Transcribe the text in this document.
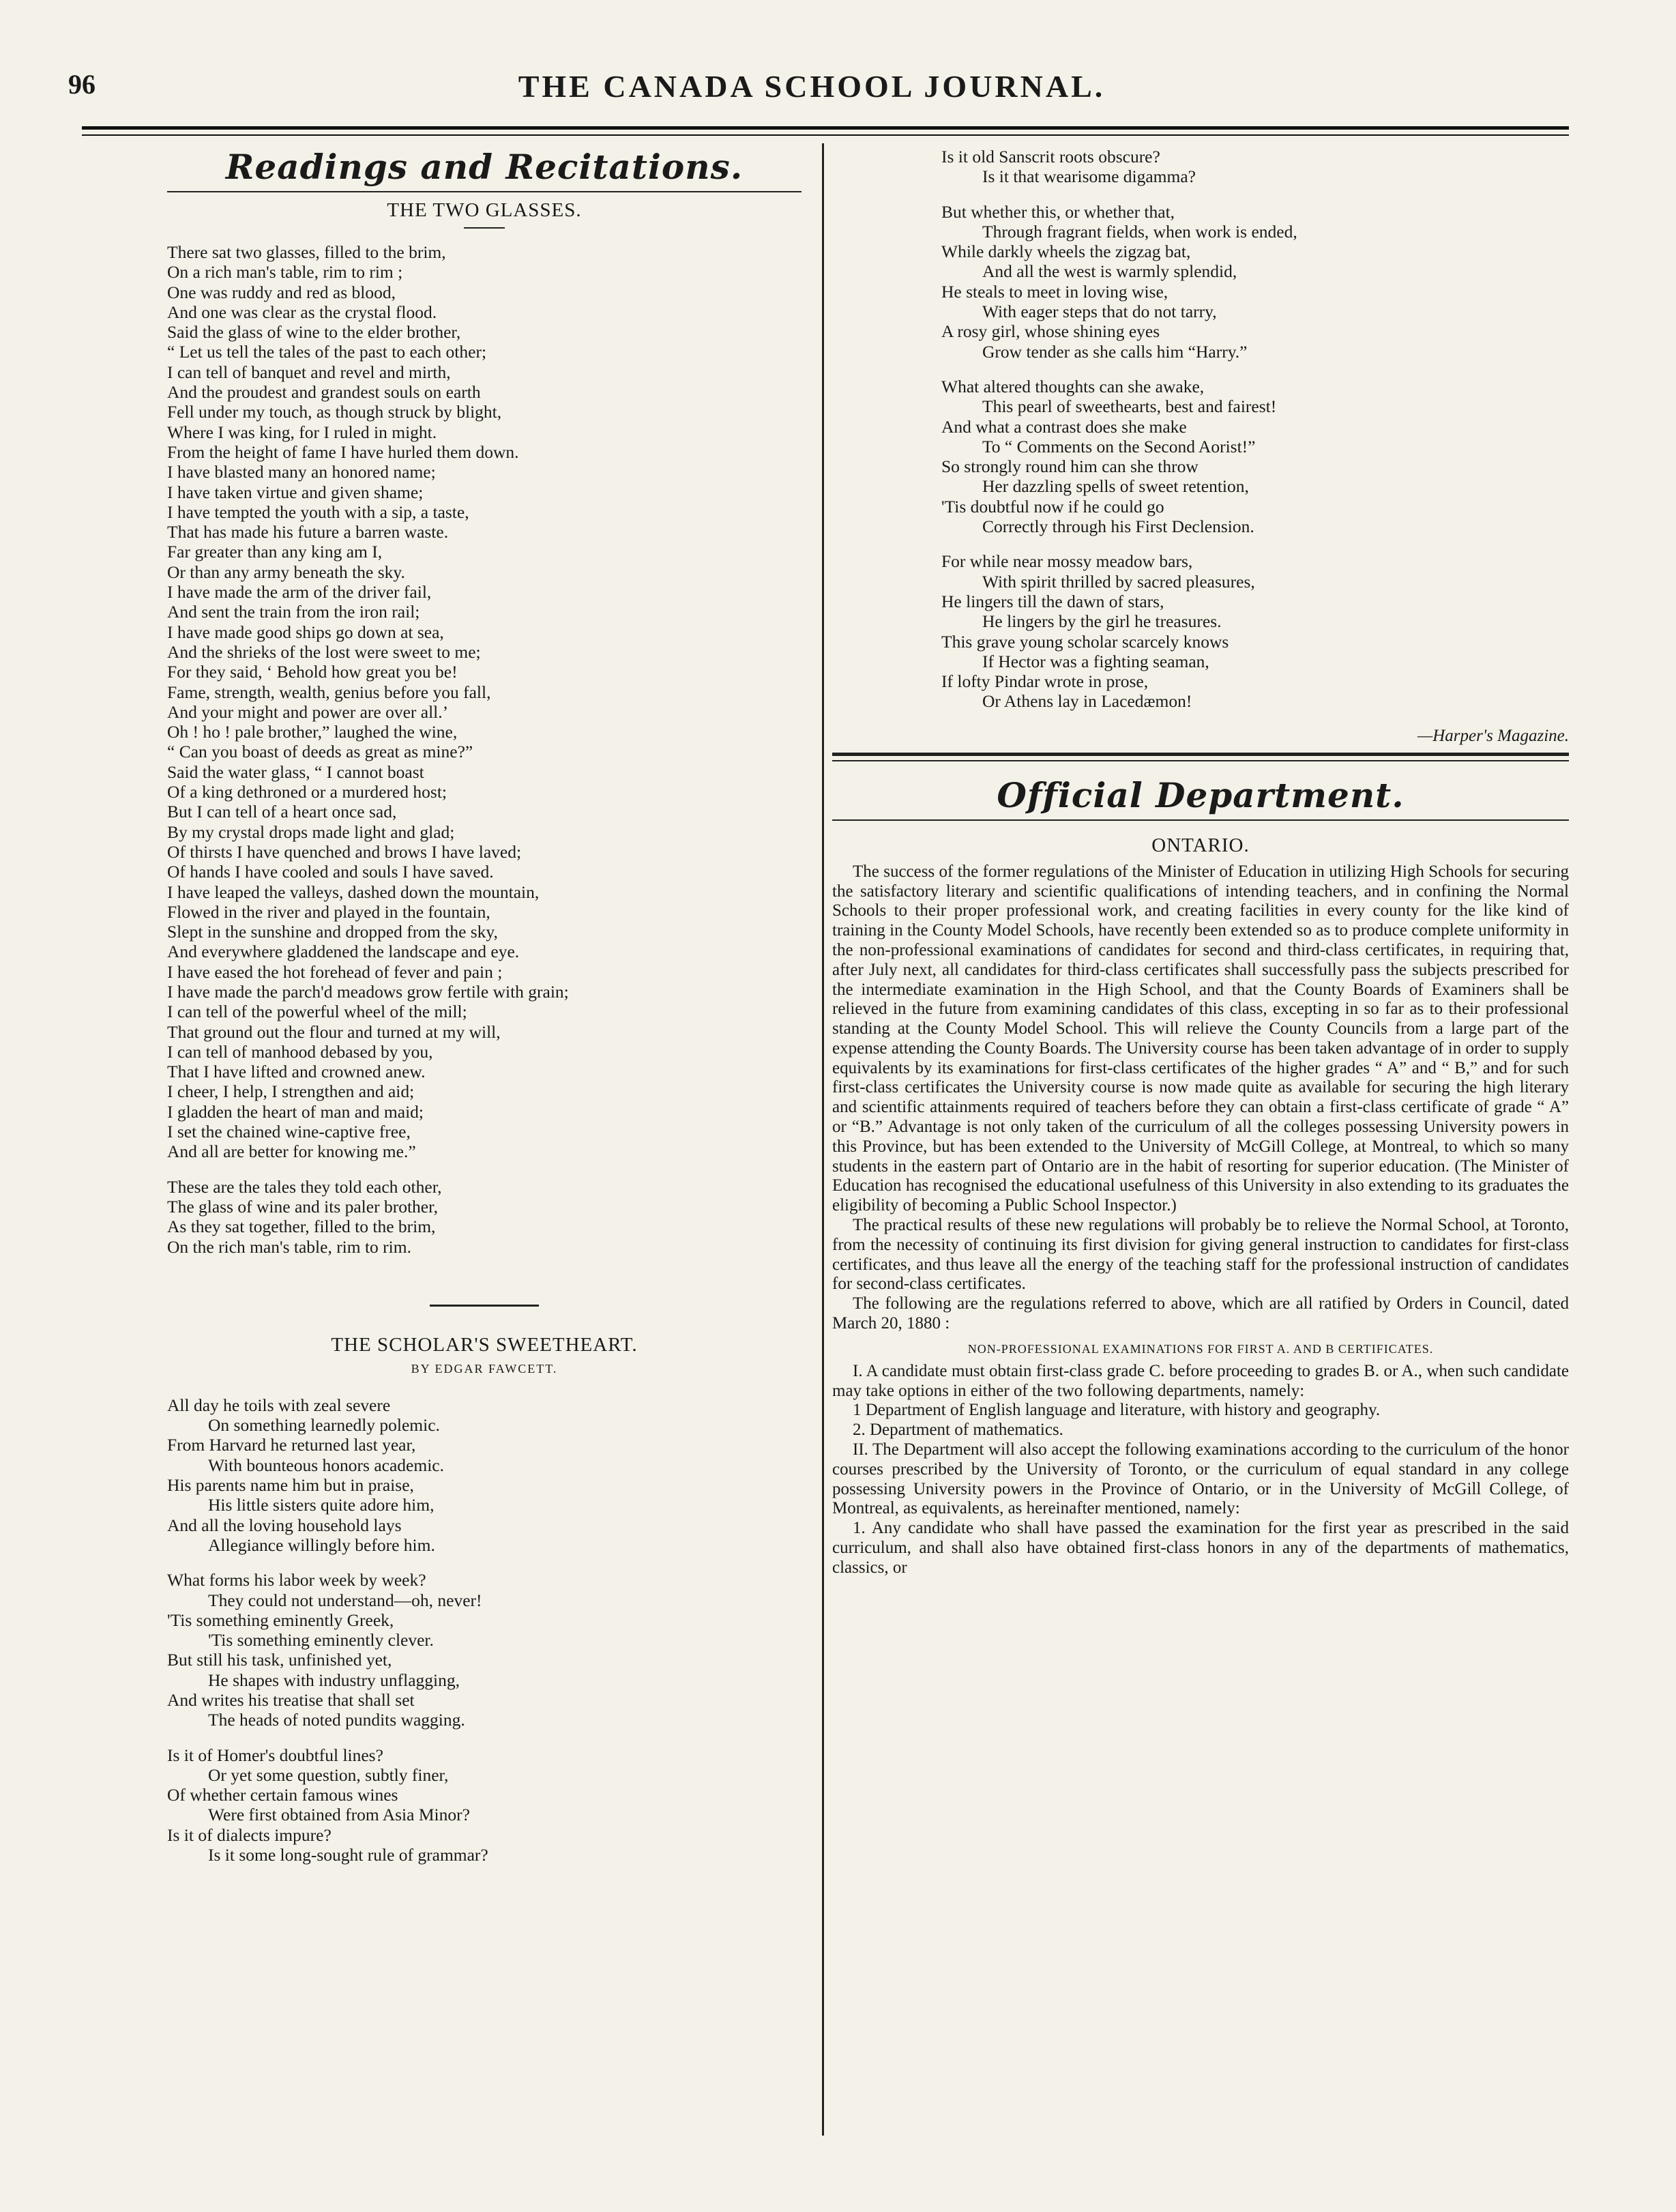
96	THE CANADA SCHOOL JOURNAL.
Readings and Recitations.
THE TWO GLASSES.
There sat two glasses, filled to the brim,
On a rich man's table, rim to rim ;
One was ruddy and red as blood,
And one was clear as the crystal flood.
Said the glass of wine to the elder brother,
“ Let us tell the tales of the past to each other;
I can tell of banquet and revel and mirth,
And the proudest and grandest souls on earth
Fell under my touch, as though struck by blight,
Where I was king, for I ruled in might.
From the height of fame I have hurled them down.
I have blasted many an honored name;
I have taken virtue and given shame;
I have tempted the youth with a sip, a taste,
That has made his future a barren waste.
Far greater than any king am I,
Or than any army beneath the sky.
I have made the arm of the driver fail,
And sent the train from the iron rail;
I have made good ships go down at sea,
And the shrieks of the lost were sweet to me;
For they said, ‘ Behold how great you be!
Fame, strength, wealth, genius before you fall,
And your might and power are over all.’
Oh ! ho ! pale brother,” laughed the wine,
“ Can you boast of deeds as great as mine?”
Said the water glass, “ I cannot boast
Of a king dethroned or a murdered host;
But I can tell of a heart once sad,
By my crystal drops made light and glad;
Of thirsts I have quenched and brows I have laved;
Of hands I have cooled and souls I have saved.
I have leaped the valleys, dashed down the mountain,
Flowed in the river and played in the fountain,
Slept in the sunshine and dropped from the sky,
And everywhere gladdened the landscape and eye.
I have eased the hot forehead of fever and pain ;
I have made the parch'd meadows grow fertile with grain;
I can tell of the powerful wheel of the mill;
That ground out the flour and turned at my will,
I can tell of manhood debased by you,
That I have lifted and crowned anew.
I cheer, I help, I strengthen and aid;
I gladden the heart of man and maid;
I set the chained wine-captive free,
And all are better for knowing me.”
These are the tales they told each other,
The glass of wine and its paler brother,
As they sat together, filled to the brim,
On the rich man's table, rim to rim.
THE SCHOLAR'S SWEETHEART.
BY EDGAR FAWCETT.
All day he toils with zeal severe
On something learnedly polemic.
From Harvard he returned last year,
With bounteous honors academic.
His parents name him but in praise,
His little sisters quite adore him,
And all the loving household lays
Allegiance willingly before him.
What forms his labor week by week?
They could not understand—oh, never!
'Tis something eminently Greek,
'Tis something eminently clever.
But still his task, unfinished yet,
He shapes with industry unflagging,
And writes his treatise that shall set
The heads of noted pundits wagging.
Is it of Homer's doubtful lines?
Or yet some question, subtly finer,
Of whether certain famous wines
Were first obtained from Asia Minor?
Is it of dialects impure?
Is it some long-sought rule of grammar?
Is it old Sanscrit roots obscure?
Is it that wearisome digamma?
But whether this, or whether that,
Through fragrant fields, when work is ended,
While darkly wheels the zigzag bat,
And all the west is warmly splendid,
He steals to meet in loving wise,
With eager steps that do not tarry,
A rosy girl, whose shining eyes
Grow tender as she calls him “Harry.”
What altered thoughts can she awake,
This pearl of sweethearts, best and fairest!
And what a contrast does she make
To “ Comments on the Second Aorist!”
So strongly round him can she throw
Her dazzling spells of sweet retention,
'Tis doubtful now if he could go
Correctly through his First Declension.
For while near mossy meadow bars,
With spirit thrilled by sacred pleasures,
He lingers till the dawn of stars,
He lingers by the girl he treasures.
This grave young scholar scarcely knows
If Hector was a fighting seaman,
If lofty Pindar wrote in prose,
Or Athens lay in Lacedæmon!
—Harper's Magazine.
Official Department.
ONTARIO.

The success of the former regulations of the Minister of Education in utilizing High Schools for securing the satisfactory literary and scientific qualifications of intending teachers, and in confining the Normal Schools to their proper professional work, and creating facilities in every county for the like kind of training in the County Model Schools, have recently been extended so as to produce complete uniformity in the non-professional examinations of candidates for second and third-class certificates, in requiring that, after July next, all candidates for third-class certificates shall successfully pass the subjects prescribed for the intermediate examination in the High School, and that the County Boards of Examiners shall be relieved in the future from examining candidates of this class, excepting in so far as to their professional standing at the County Model School. This will relieve the County Councils from a large part of the expense attending the County Boards. The University course has been taken advantage of in order to supply equivalents by its examinations for first-class certificates of the higher grades “ A” and “ B,” and for such first-class certificates the University course is now made quite as available for securing the high literary and scientific attainments required of teachers before they can obtain a first-class certificate of grade “ A” or “B.” Advantage is not only taken of the curriculum of all the colleges possessing University powers in this Province, but has been extended to the University of McGill College, at Montreal, to which so many students in the eastern part of Ontario are in the habit of resorting for superior education. (The Minister of Education has recognised the educational usefulness of this University in also extending to its graduates the eligibility of becoming a Public School Inspector.)

The practical results of these new regulations will probably be to relieve the Normal School, at Toronto, from the necessity of continuing its first division for giving general instruction to candidates for first-class certificates, and thus leave all the energy of the teaching staff for the professional instruction of candidates for second-class certificates.

The following are the regulations referred to above, which are all ratified by Orders in Council, dated March 20, 1880 :

NON-PROFESSIONAL EXAMINATIONS FOR FIRST A. AND B CERTIFICATES.

I. A candidate must obtain first-class grade C. before proceeding to grades B. or A., when such candidate may take options in either of the two following departments, namely:

1 Department of English language and literature, with history and geography.

2. Department of mathematics.

II. The Department will also accept the following examinations according to the curriculum of the honor courses prescribed by the University of Toronto, or the curriculum of equal standard in any college possessing University powers in the Province of Ontario, or in the University of McGill College, of Montreal, as equivalents, as hereinafter mentioned, namely:

1. Any candidate who shall have passed the examination for the first year as prescribed in the said curriculum, and shall also have obtained first-class honors in any of the departments of mathematics, classics, or
